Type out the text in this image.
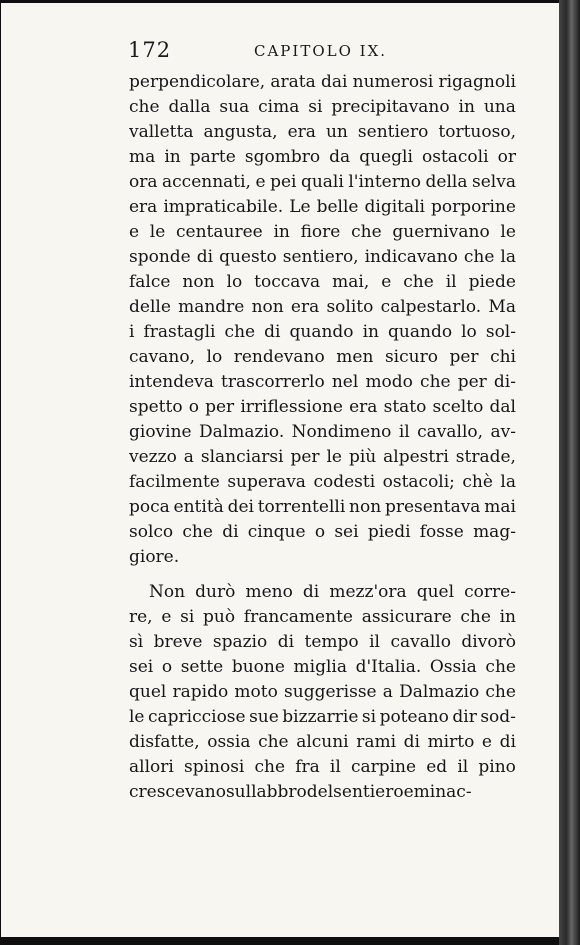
172	CAPITOLO IX.
perpendicolare, arata dai numerosi rigagnoli
che dalla sua cima si precipitavano in una
valletta angusta, era un sentiero tortuoso,
ma in parte sgombro da quegli ostacoli or
ora accennati, e pei quali l'interno della selva
era impraticabile. Le belle digitali porporine
e le centauree in fiore che guernivano le
sponde di questo sentiero, indicavano che la
falce non lo toccava mai, e che il piede
delle mandre non era solito calpestarlo. Ma
i frastagli che di quando in quando lo sol-
cavano, lo rendevano men sicuro per chi
intendeva trascorrerlo nel modo che per di-
spetto o per irriflessione era stato scelto dal
giovine Dalmazio. Nondimeno il cavallo, av-
vezzo a slanciarsi per le più alpestri strade,
facilmente superava codesti ostacoli; chè la
poca entità dei torrentelli non presentava mai
solco che di cinque o sei piedi fosse mag-
giore.
Non durò meno di mezz'ora quel corre-
re, e si può francamente assicurare che in
sì breve spazio di tempo il cavallo divorò
sei o sette buone miglia d'Italia. Ossia che
quel rapido moto suggerisse a Dalmazio che
le capricciose sue bizzarrie si poteano dir sod-
disfatte, ossia che alcuni rami di mirto e di
allori spinosi che fra il carpine ed il pino
crescevano sul labbro del sentiero e minac-
